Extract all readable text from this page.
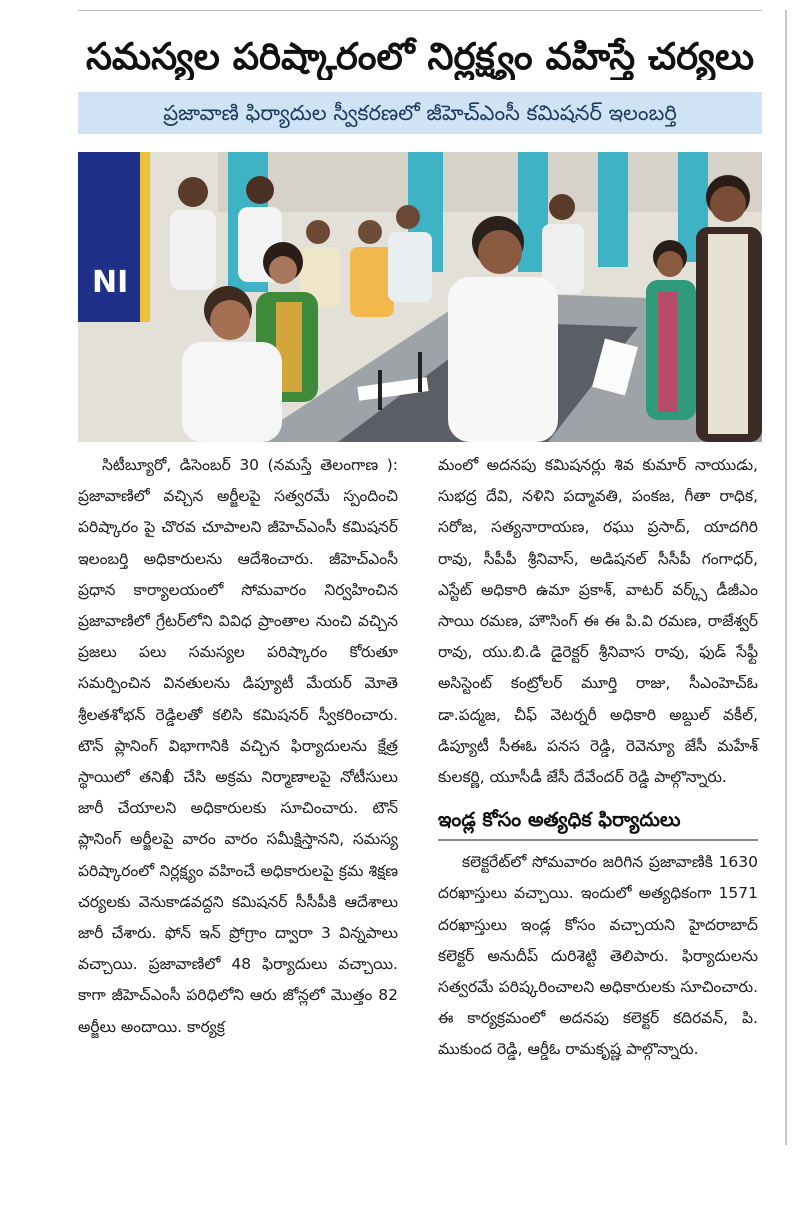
సమస్యల పరిష్కారంలో నిర్లక్ష్యం వహిస్తే చర్యలు
ప్రజావాణి ఫిర్యాదుల స్వీకరణలో జీహెచ్ఎంసీ కమిషనర్ ఇలంబర్తి
NI

సిటీబ్యూరో, డిసెంబర్ 30 (నమస్తే తెలంగాణ ): ప్రజావాణిలో వచ్చిన అర్జీలపై సత్వరమే స్పందించి పరిష్కారం పై చొరవ చూపాలని జీహెచ్ఎంసీ కమిషనర్ ఇలంబర్తి అధికారులను ఆదేశించారు. జీహెచ్ఎంసీ ప్రధాన కార్యాలయంలో సోమవారం నిర్వహించిన ప్రజావాణిలో గ్రేటర్‌లోని వివిధ ప్రాంతాల నుంచి వచ్చిన ప్రజలు పలు సమస్యల పరిష్కారం కోరుతూ సమర్పించిన వినతులను డిప్యూటీ మేయర్ మోతె శ్రీలతశోభన్ రెడ్డిలతో కలిసి కమిషనర్ స్వీకరించారు. టౌన్ ప్లానింగ్ విభాగానికి వచ్చిన ఫిర్యాదులను క్షేత్ర స్థాయిలో తనిఖీ చేసి అక్రమ నిర్మాణాలపై నోటీసులు జారీ చేయాలని అధికారులకు సూచించారు. టౌన్ ప్లానింగ్ అర్జీలపై వారం వారం సమీక్షిస్తానని, సమస్య పరిష్కారంలో నిర్లక్ష్యం వహించే అధికారులపై క్రమ శిక్షణ చర్యలకు వెనుకాడవద్దని కమిషనర్ సీసీపీకి ఆదేశాలు జారీ చేశారు. ఫోన్ ఇన్ ప్రోగ్రాం ద్వారా 3 విన్నపాలు వచ్చాయి. ప్రజావాణిలో 48 ఫిర్యాదులు వచ్చాయి. కాగా జీహెచ్ఎంసీ పరిధిలోని ఆరు జోన్లలో మొత్తం 82 అర్జీలు అందాయి. కార్యక్ర

మంలో అదనపు కమిషనర్లు శివ కుమార్ నాయుడు, సుభద్ర దేవి, నళిని పద్మావతి, పంకజ, గీతా రాధిక, సరోజ, సత్యనారాయణ, రఘు ప్రసాద్, యాదగిరి రావు, సీపీపీ శ్రీనివాస్, అడిషనల్ సీసీపీ గంగాధర్, ఎస్టేట్ అధికారి ఉమా ప్రకాశ్, వాటర్ వర్క్స్ డీజీఎం సాయి రమణ, హౌసింగ్ ఈ ఈ పి.వి రమణ, రాజేశ్వర్ రావు, యు.బి.డి డైరెక్టర్ శ్రీనివాస రావు, ఫుడ్ సేఫ్టీ అసిస్టెంట్ కంట్రోలర్ మూర్తి రాజు, సీఎంహెచ్ఓ డా.పద్మజ, చీఫ్ వెటర్నరీ అధికారి అబ్దుల్ వకీల్, డిప్యూటీ సీఈఓ పనస రెడ్డి, రెవెన్యూ జేసీ మహేశ్ కులకర్ణి, యూసీడీ జేసీ దేవేందర్ రెడ్డి పాల్గొన్నారు.

ఇండ్ల కోసం అత్యధిక ఫిర్యాదులు

కలెక్టరేట్‌లో సోమవారం జరిగిన ప్రజావాణికి 1630 దరఖాస్తులు వచ్చాయి. ఇందులో అత్యధికంగా 1571 దరఖాస్తులు ఇండ్ల కోసం వచ్చాయని హైదరాబాద్ కలెక్టర్ అనుదీప్ దురిశెట్టి తెలిపారు. ఫిర్యాదులను సత్వరమే పరిష్కరించాలని అధికారులకు సూచించారు. ఈ కార్యక్రమంలో అదనపు కలెక్టర్ కదిరవన్, పి. ముకుంద రెడ్డి, ఆర్డీఓ రామకృష్ణ పాల్గొన్నారు.
